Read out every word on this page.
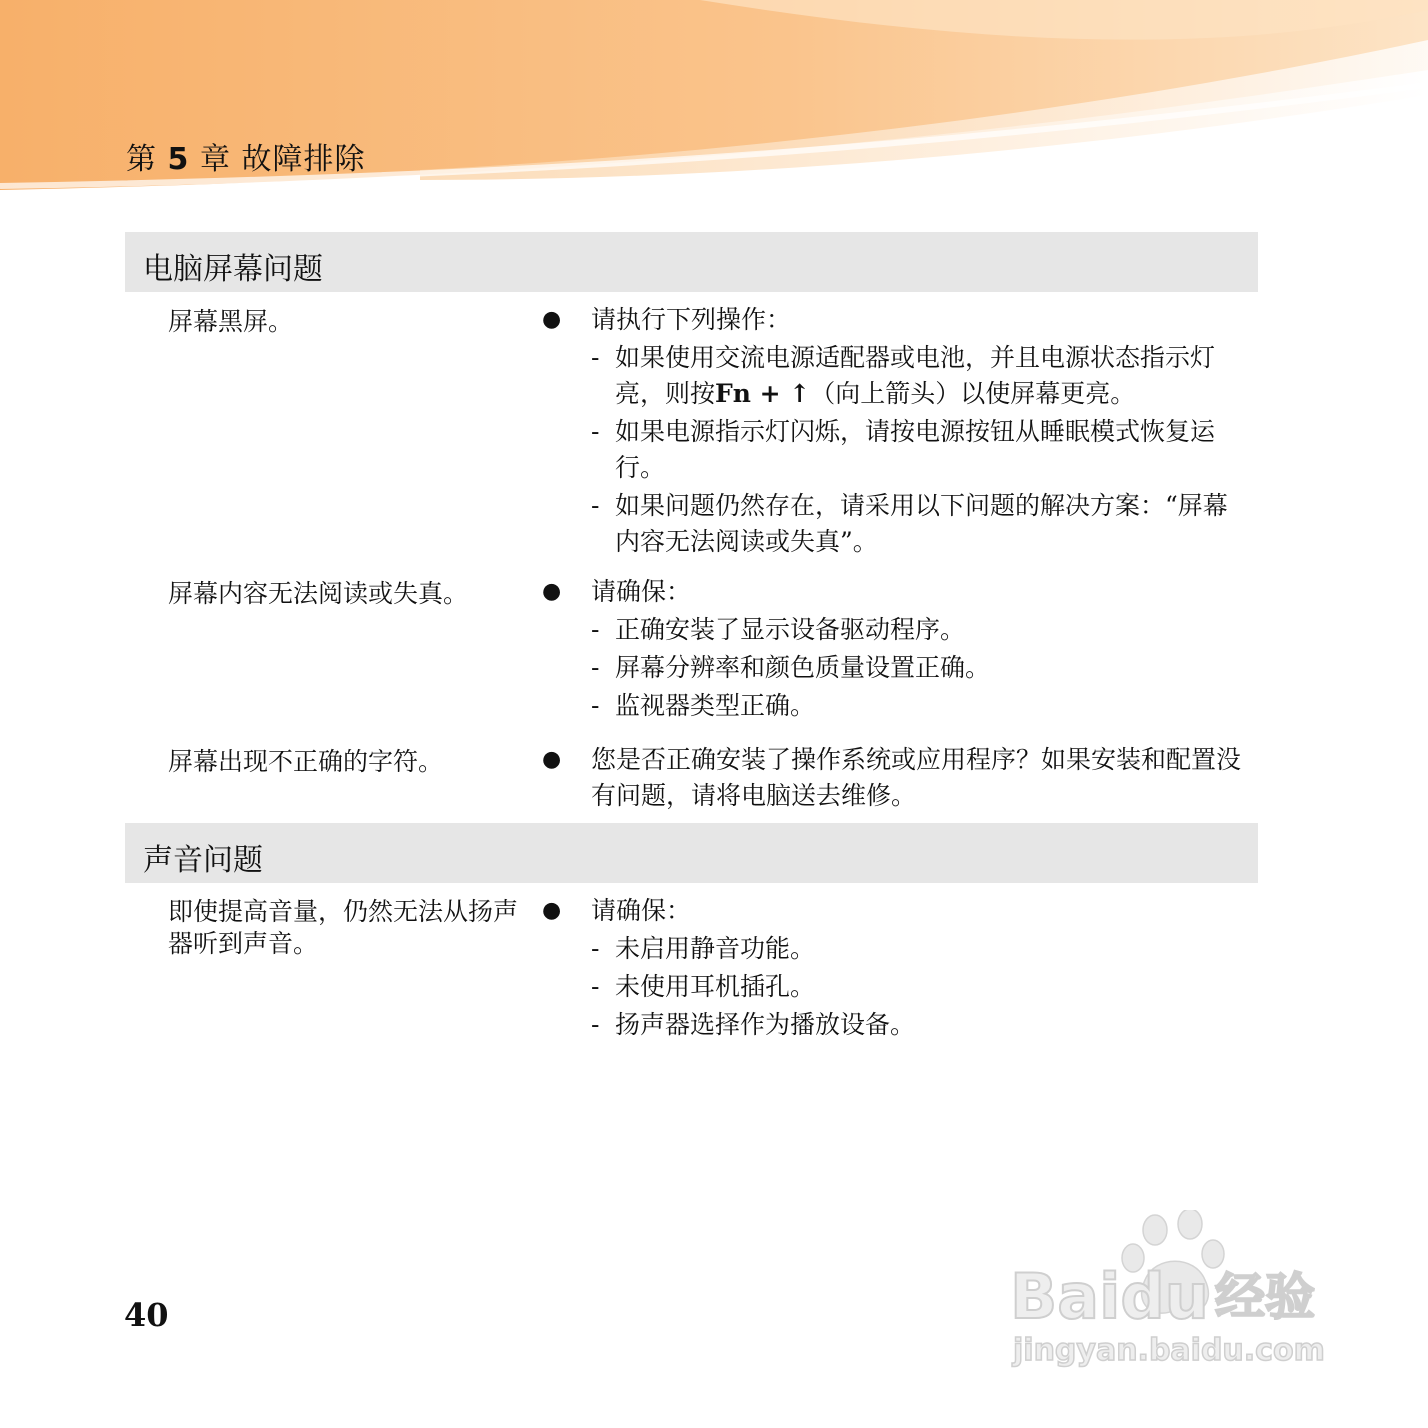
第 5 章 故障排除
电脑屏幕问题
屏幕黑屏。	● 请执行下列操作：
- 如果使用交流电源适配器或电池，并且电源状态指示灯亮，则按Fn + ↑（向上箭头）以使屏幕更亮。
- 如果电源指示灯闪烁，请按电源按钮从睡眠模式恢复运行。
- 如果问题仍然存在，请采用以下问题的解决方案：“屏幕内容无法阅读或失真”。
屏幕内容无法阅读或失真。	● 请确保：
- 正确安装了显示设备驱动程序。
- 屏幕分辨率和颜色质量设置正确。
- 监视器类型正确。
屏幕出现不正确的字符。	● 您是否正确安装了操作系统或应用程序？如果安装和配置没有问题，请将电脑送去维修。
声音问题
即使提高音量，仍然无法从扬声器听到声音。
● 请确保：
- 未启用静音功能。
- 未使用耳机插孔。
- 扬声器选择作为播放设备。
40	Baidu 经验
jingyan.baidu.com
